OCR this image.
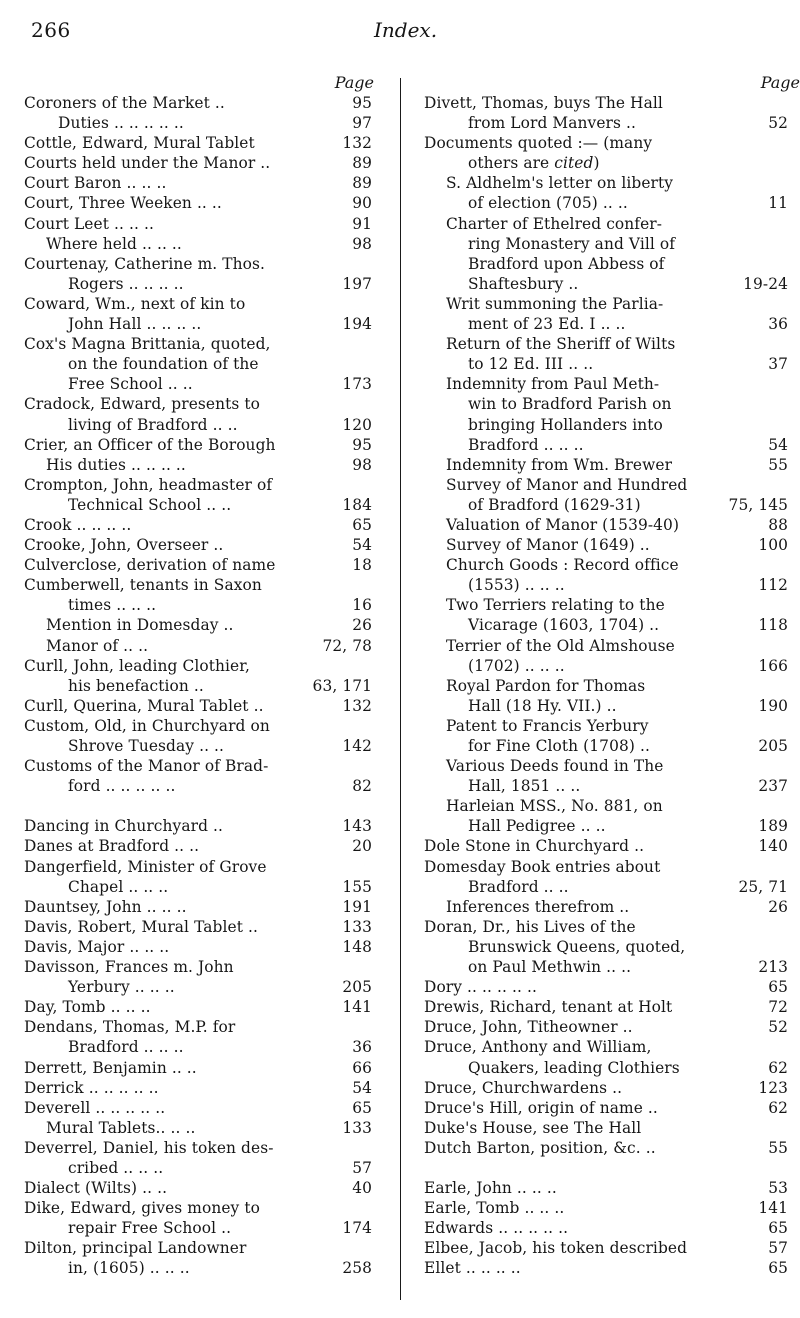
266	Index.
Page
Coroners of the Market ..	95
Duties .. .. .. .. ..	97
Cottle, Edward, Mural Tablet	132
Courts held under the Manor ..	89
Court Baron .. .. ..	89
Court, Three Weeken .. ..	90
Court Leet .. .. ..	91
Where held .. .. ..	98
Courtenay, Catherine m. Thos.
Rogers .. .. .. ..	197
Coward, Wm., next of kin to
John Hall .. .. .. ..	194
Cox's Magna Brittania, quoted,
on the foundation of the
Free School .. ..	173
Cradock, Edward, presents to
living of Bradford .. ..	120
Crier, an Officer of the Borough	95
His duties .. .. .. ..	98
Crompton, John, headmaster of
Technical School .. ..	184
Crook .. .. .. ..	65
Crooke, John, Overseer ..	54
Culverclose, derivation of name	18
Cumberwell, tenants in Saxon
times .. .. ..	16
Mention in Domesday ..	26
Manor of .. ..	72, 78
Curll, John, leading Clothier,
his benefaction ..	63, 171
Curll, Querina, Mural Tablet ..	132
Custom, Old, in Churchyard on
Shrove Tuesday .. ..	142
Customs of the Manor of Brad-
ford .. .. .. .. ..	82
Dancing in Churchyard ..	143
Danes at Bradford .. ..	20
Dangerfield, Minister of Grove
Chapel .. .. ..	155
Dauntsey, John .. .. ..	191
Davis, Robert, Mural Tablet ..	133
Davis, Major .. .. ..	148
Davisson, Frances m. John
Yerbury .. .. ..	205
Day, Tomb .. .. ..	141
Dendans, Thomas, M.P. for
Bradford .. .. ..	36
Derrett, Benjamin .. ..	66
Derrick .. .. .. .. ..	54
Deverell .. .. .. .. ..	65
Mural Tablets.. .. ..	133
Deverrel, Daniel, his token des-
cribed .. .. ..	57
Dialect (Wilts) .. ..	40
Dike, Edward, gives money to
repair Free School ..	174
Dilton, principal Landowner
in, (1605) .. .. ..	258
Page
Divett, Thomas, buys The Hall
from Lord Manvers ..	52
Documents quoted :— (many
others are cited)
S. Aldhelm's letter on liberty
of election (705) .. ..	11
Charter of Ethelred confer-
ring Monastery and Vill of
Bradford upon Abbess of
Shaftesbury ..	19-24
Writ summoning the Parlia-
ment of 23 Ed. I .. ..	36
Return of the Sheriff of Wilts
to 12 Ed. III .. ..	37
Indemnity from Paul Meth-
win to Bradford Parish on
bringing Hollanders into
Bradford .. .. ..	54
Indemnity from Wm. Brewer	55
Survey of Manor and Hundred
of Bradford (1629-31)	75, 145
Valuation of Manor (1539-40)	88
Survey of Manor (1649) ..	100
Church Goods : Record office
(1553) .. .. ..	112
Two Terriers relating to the
Vicarage (1603, 1704) ..	118
Terrier of the Old Almshouse
(1702) .. .. ..	166
Royal Pardon for Thomas
Hall (18 Hy. VII.) ..	190
Patent to Francis Yerbury
for Fine Cloth (1708) ..	205
Various Deeds found in The
Hall, 1851 .. ..	237
Harleian MSS., No. 881, on
Hall Pedigree .. ..	189
Dole Stone in Churchyard ..	140
Domesday Book entries about
Bradford .. ..	25, 71
Inferences therefrom ..	26
Doran, Dr., his Lives of the
Brunswick Queens, quoted,
on Paul Methwin .. ..	213
Dory .. .. .. .. ..	65
Drewis, Richard, tenant at Holt	72
Druce, John, Titheowner ..	52
Druce, Anthony and William,
Quakers, leading Clothiers	62
Druce, Churchwardens ..	123
Druce's Hill, origin of name ..	62
Duke's House, see The Hall
Dutch Barton, position, &c. ..	55
Earle, John .. .. ..	53
Earle, Tomb .. .. ..	141
Edwards .. .. .. .. ..	65
Elbee, Jacob, his token described	57
Ellet .. .. .. ..	65
